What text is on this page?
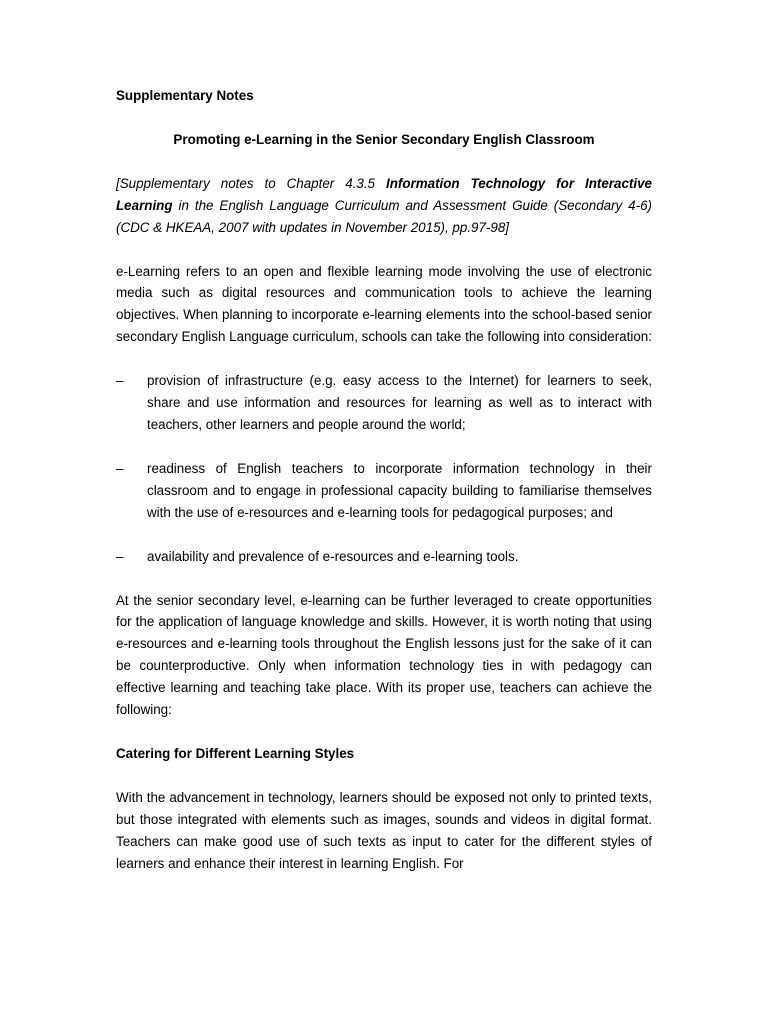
Supplementary Notes

Promoting e-Learning in the Senior Secondary English Classroom

[Supplementary notes to Chapter 4.3.5 Information Technology for Interactive Learning in the English Language Curriculum and Assessment Guide (Secondary 4-6)(CDC & HKEAA, 2007 with updates in November 2015), pp.97-98]

e-Learning refers to an open and flexible learning mode involving the use of electronic media such as digital resources and communication tools to achieve the learning objectives. When planning to incorporate e-learning elements into the school-based senior secondary English Language curriculum, schools can take the following into consideration:

– provision of infrastructure (e.g. easy access to the Internet) for learners to seek, share and use information and resources for learning as well as to interact with teachers, other learners and people around the world;
– readiness of English teachers to incorporate information technology in their classroom and to engage in professional capacity building to familiarise themselves with the use of e-resources and e-learning tools for pedagogical purposes; and
– availability and prevalence of e-resources and e-learning tools.

At the senior secondary level, e-learning can be further leveraged to create opportunities for the application of language knowledge and skills. However, it is worth noting that using e-resources and e-learning tools throughout the English lessons just for the sake of it can be counterproductive. Only when information technology ties in with pedagogy can effective learning and teaching take place. With its proper use, teachers can achieve the following:

Catering for Different Learning Styles

With the advancement in technology, learners should be exposed not only to printed texts, but those integrated with elements such as images, sounds and videos in digital format. Teachers can make good use of such texts as input to cater for the different styles of learners and enhance their interest in learning English. For
